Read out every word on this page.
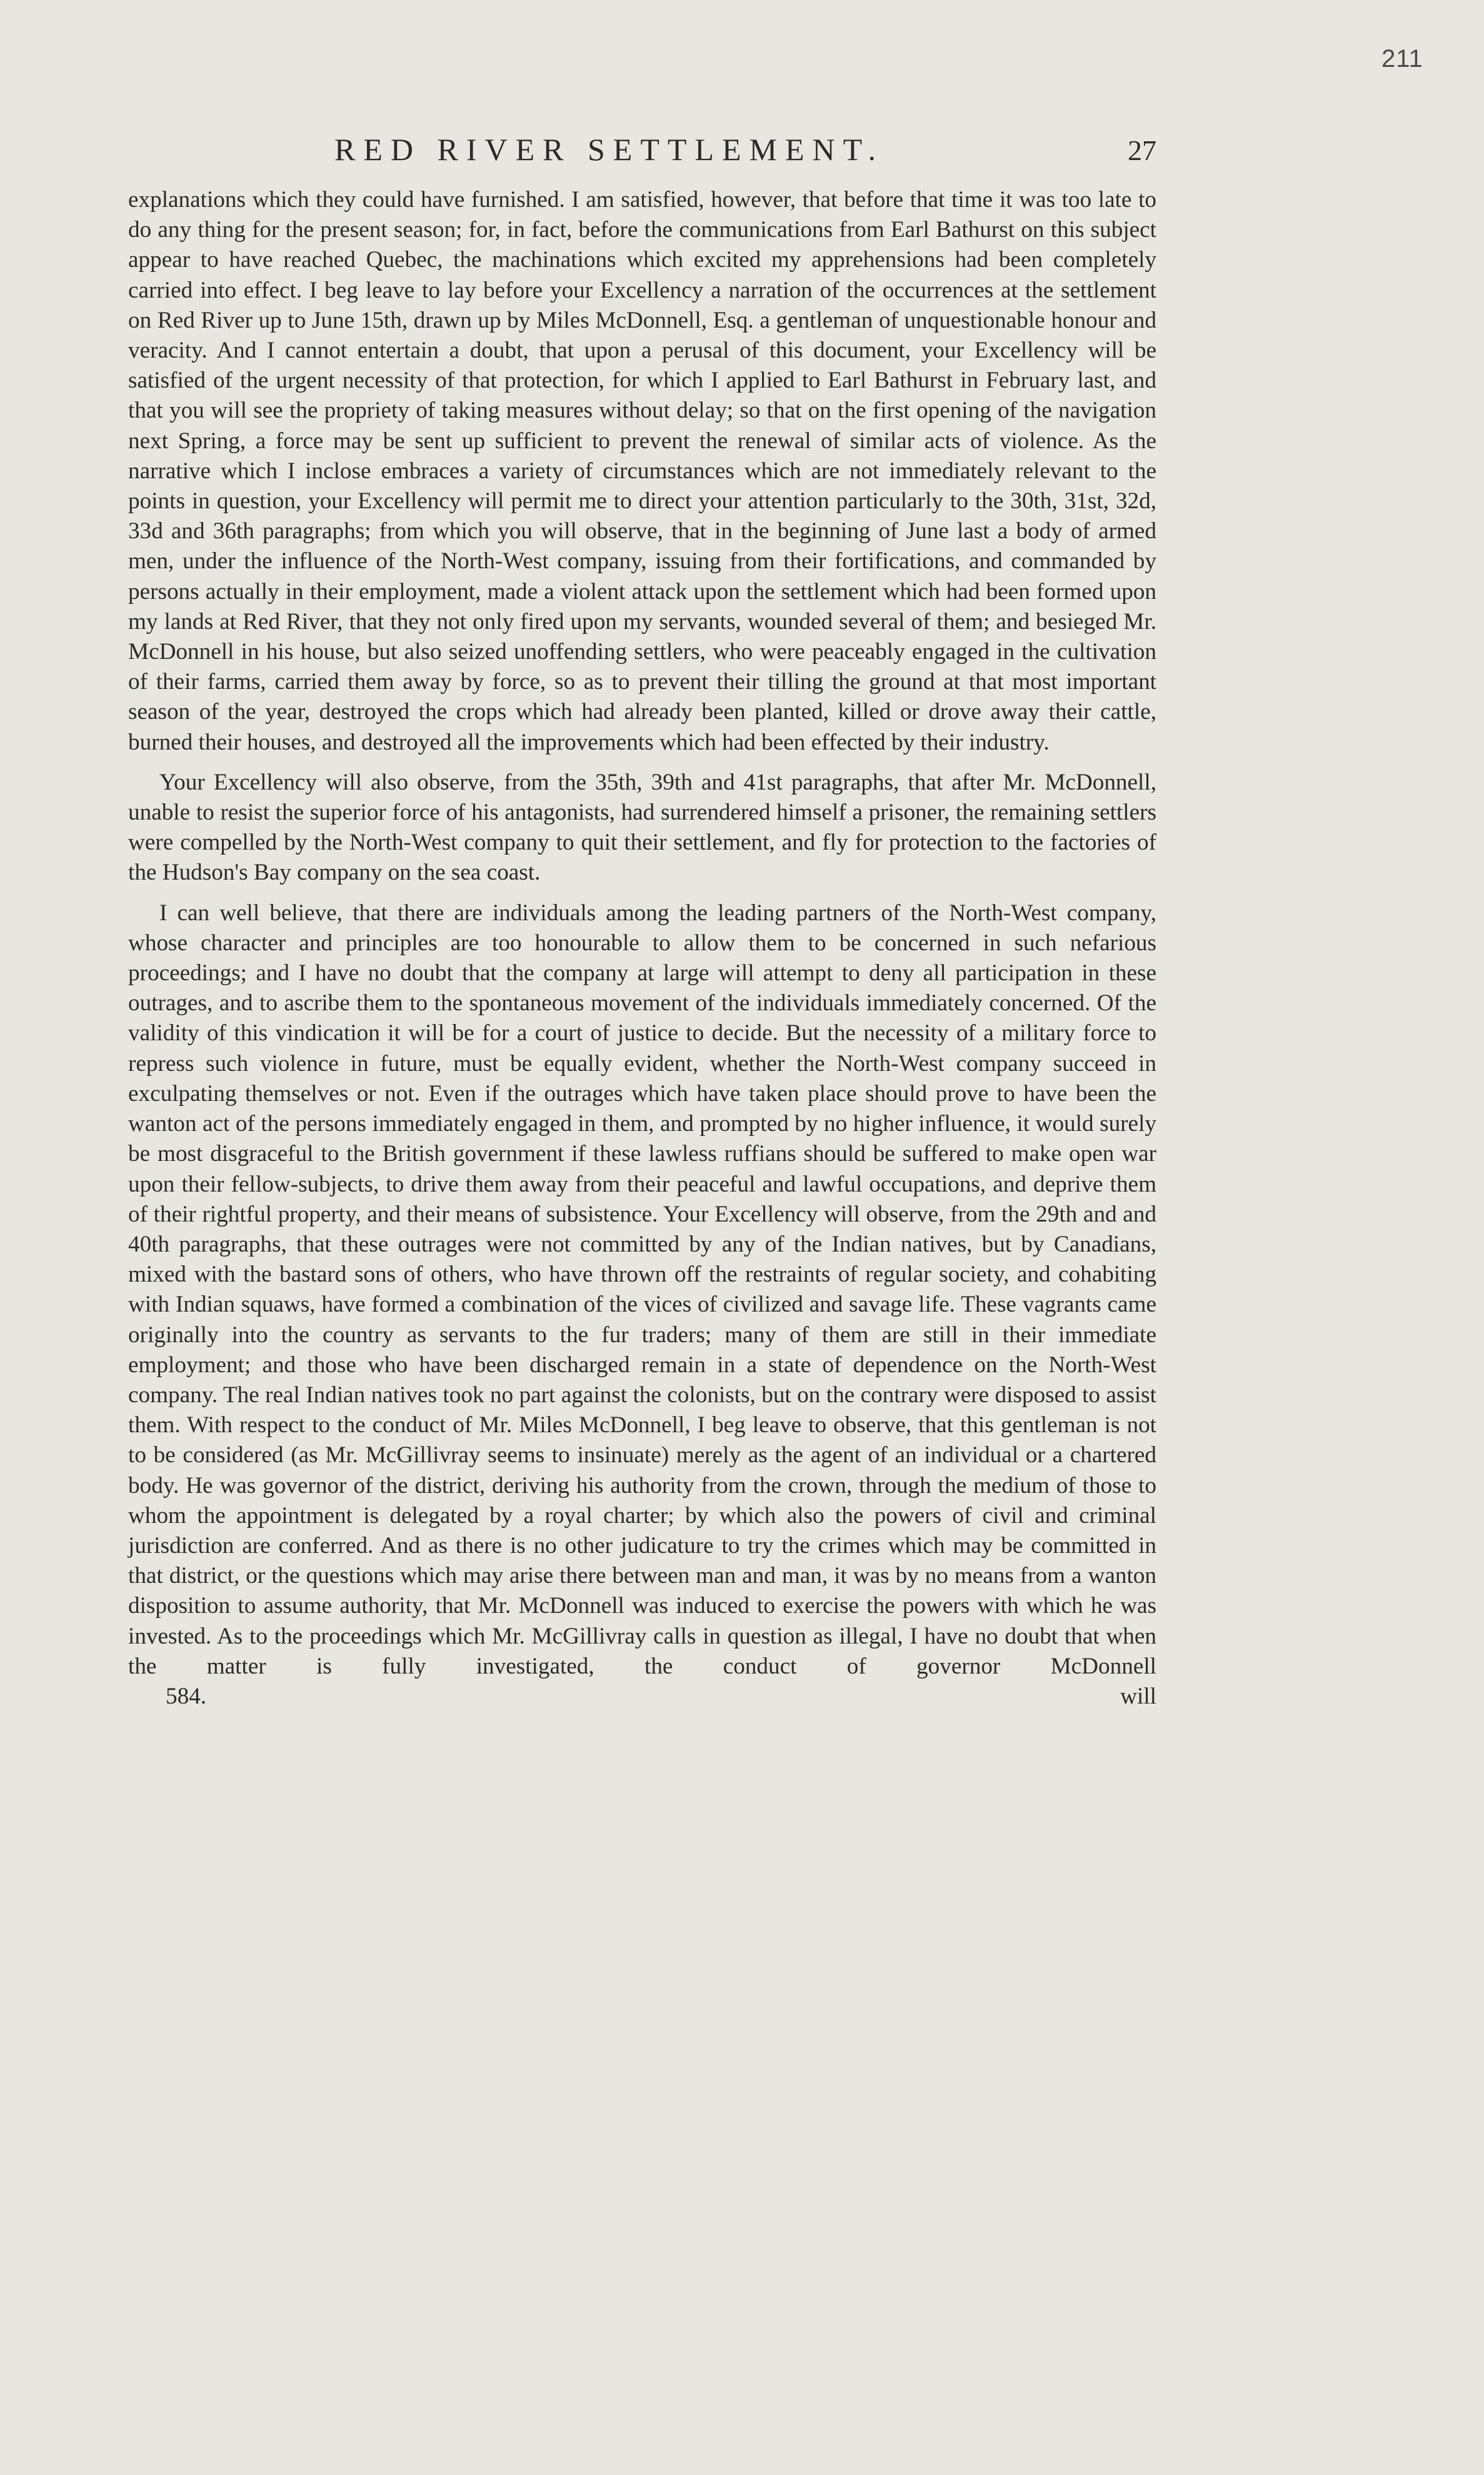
211
RED RIVER SETTLEMENT.	27

explanations which they could have furnished. I am satisfied, however, that before that time it was too late to do any thing for the present season; for, in fact, before the communications from Earl Bathurst on this subject appear to have reached Quebec, the machinations which excited my apprehensions had been completely carried into effect. I beg leave to lay before your Excellency a narration of the occurrences at the settlement on Red River up to June 15th, drawn up by Miles McDonnell, Esq. a gentleman of unquestionable honour and veracity. And I cannot entertain a doubt, that upon a perusal of this document, your Excellency will be satisfied of the urgent necessity of that protection, for which I applied to Earl Bathurst in February last, and that you will see the propriety of taking measures without delay; so that on the first opening of the navigation next Spring, a force may be sent up sufficient to prevent the renewal of similar acts of violence. As the narrative which I inclose embraces a variety of circumstances which are not immediately relevant to the points in question, your Excellency will permit me to direct your attention particularly to the 30th, 31st, 32d, 33d and 36th paragraphs; from which you will observe, that in the beginning of June last a body of armed men, under the influence of the North-West company, issuing from their fortifications, and commanded by persons actually in their employment, made a violent attack upon the settlement which had been formed upon my lands at Red River, that they not only fired upon my servants, wounded several of them; and besieged Mr. McDonnell in his house, but also seized unoffending settlers, who were peaceably engaged in the cultivation of their farms, carried them away by force, so as to prevent their tilling the ground at that most important season of the year, destroyed the crops which had already been planted, killed or drove away their cattle, burned their houses, and destroyed all the improvements which had been effected by their industry.

Your Excellency will also observe, from the 35th, 39th and 41st paragraphs, that after Mr. McDonnell, unable to resist the superior force of his antagonists, had surrendered himself a prisoner, the remaining settlers were compelled by the North-West company to quit their settlement, and fly for protection to the factories of the Hudson's Bay company on the sea coast.

I can well believe, that there are individuals among the leading partners of the North-West company, whose character and principles are too honourable to allow them to be concerned in such nefarious proceedings; and I have no doubt that the company at large will attempt to deny all participation in these outrages, and to ascribe them to the spontaneous movement of the individuals immediately concerned. Of the validity of this vindication it will be for a court of justice to decide. But the necessity of a military force to repress such violence in future, must be equally evident, whether the North-West company succeed in exculpating themselves or not. Even if the outrages which have taken place should prove to have been the wanton act of the persons immediately engaged in them, and prompted by no higher influence, it would surely be most disgraceful to the British government if these lawless ruffians should be suffered to make open war upon their fellow-subjects, to drive them away from their peaceful and lawful occupations, and deprive them of their rightful property, and their means of subsistence. Your Excellency will observe, from the 29th and and 40th paragraphs, that these outrages were not committed by any of the Indian natives, but by Canadians, mixed with the bastard sons of others, who have thrown off the restraints of regular society, and cohabiting with Indian squaws, have formed a combination of the vices of civilized and savage life. These vagrants came originally into the country as servants to the fur traders; many of them are still in their immediate employment; and those who have been discharged remain in a state of dependence on the North-West company. The real Indian natives took no part against the colonists, but on the contrary were disposed to assist them. With respect to the conduct of Mr. Miles McDonnell, I beg leave to observe, that this gentleman is not to be considered (as Mr. McGillivray seems to insinuate) merely as the agent of an individual or a chartered body. He was governor of the district, deriving his authority from the crown, through the medium of those to whom the appointment is delegated by a royal charter; by which also the powers of civil and criminal jurisdiction are conferred. And as there is no other judicature to try the crimes which may be committed in that district, or the questions which may arise there between man and man, it was by no means from a wanton disposition to assume authority, that Mr. McDonnell was induced to exercise the powers with which he was invested. As to the proceedings which Mr. McGillivray calls in question as illegal, I have no doubt that when the matter is fully investigated, the conduct of governor McDonnell

584.	will
